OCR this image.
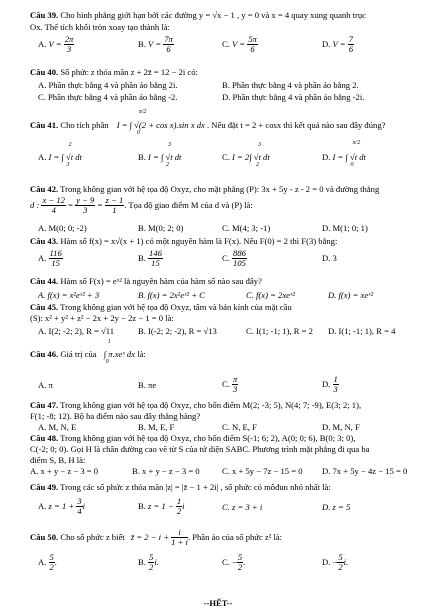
Câu 39. Cho hình phẳng giới hạn bởi các đường y = √x − 1 , y = 0 và x = 4 quay xung quanh trục
Ox. Thể tích khối tròn xoay tạo thành là:
A. $V = \frac{2\pi}{3}$	B. $V = \frac{7\pi}{6}$	C. $V = \frac{5\pi}{6}$	D. $V = \frac{7}{6}$
Câu 40. Số phức z thỏa mãn z + 2z̄ = 12 − 2i có:
A. Phần thực bằng 4 và phần ảo bằng 2i.	B. Phần thực bằng 4 và phần ảo bằng 2.
C. Phần thực bằng 4 và phần ảo bằng -2.	D. Phần thực bằng 4 và phần ảo bằng -2i.
Câu 41. Cho tích phân
π/2
0
I = ∫ √(2 + cos x).sin x dx . Nếu đặt t = 2 + cosx thì kết quả nào sau đây đúng?
A.
2
3
I = ∫ √t dt	B.
3
2
I = ∫ √t dt	C.
3
2
I = 2∫ √t dt	D.
π/2
0
I = ∫ √t dt
Câu 42. Trong không gian với hệ tọa độ Oxyz, cho mặt phẳng (P): 3x + 5y - z - 2 = 0 và đường thẳng
d : $\frac{x - 12}{4} = \frac{y - 9}{3} = \frac{z - 1}{1}$ . Tọa độ giao điểm M của d và (P) là:
A. M(0; 0; -2)	B. M(0; 2; 0)	C. M(4; 3; -1)	D. M(1; 0; 1)
Câu 43. Hàm số f(x) = x√(x + 1) có một nguyên hàm là F(x). Nếu F(0) = 2 thì F(3) bằng:
A. $\frac{116}{15}$	B. $\frac{146}{15}$	C. $\frac{886}{105}$	D. 3
Câu 44. Hàm số F(x) = eˣ² là nguyên hàm của hàm số nào sau đây?
A. f(x) = x²eˣ² + 3	B. f(x) = 2x²eˣ² + C	C. f(x) = 2xeˣ²	D. f(x) = xeˣ²
Câu 45. Trong không gian với hệ tọa độ Oxyz, tâm và bán kính của mặt cầu
(S): x² + y² + z² − 2x + 2y − 2z − 1 = 0 là:
A. I(2; -2; 2), R = √11	B. I(-2; 2; -2), R = √13	C. I(1; -1; 1), R = 2 D. I(1; -1; 1), R = 4
Câu 46. Giá trị của
1
0
∫ π.xeˣ dx là:
A. π	B. πe	C. $\frac{\pi}{3}$	D. $\frac{1}{3}$
Câu 47. Trong không gian với hệ tọa độ Oxyz, cho bốn điểm M(2; -3; 5), N(4; 7; -9), E(3; 2; 1),
F(1; -8; 12). Bộ ba điểm nào sau đây thẳng hàng?
A. M, N, E	B. M, E, F	C. N, E, F	D. M, N, F
Câu 48. Trong không gian với hệ tọa độ Oxyz, cho bốn điểm S(-1; 6; 2), A(0; 0; 6), B(0; 3; 0),
C(-2; 0; 0). Gọi H là chân đường cao vẽ từ S của tứ diện SABC. Phương trình mặt phẳng đi qua ba
điểm S, B, H là:
A. x + y − z − 3 = 0	B. x + y − z − 3 = 0	C. x + 5y − 7z − 15 = 0 D. 7x + 5y − 4z − 15 = 0
Câu 49. Trong các số phức z thỏa mãn |z| = |z̄ − 1 + 2i| , số phức có môđun nhỏ nhất là:
A. $z = 1 + \frac{3}{4}$ i	B. $z = 1 - \frac{1}{2}$ i	C. z = 3 + i	D. z = 5
Câu 50. Cho số phức z biết z̄ = $2 - i + \frac{i}{1 + i}$ . Phần ảo của số phức z² là:
A. $\frac{5}{2}$ .	B. $\frac{5}{2} i$.	C. − $\frac{5}{2}$ .	D. − $\frac{5}{2} i$.
--HẾT--
